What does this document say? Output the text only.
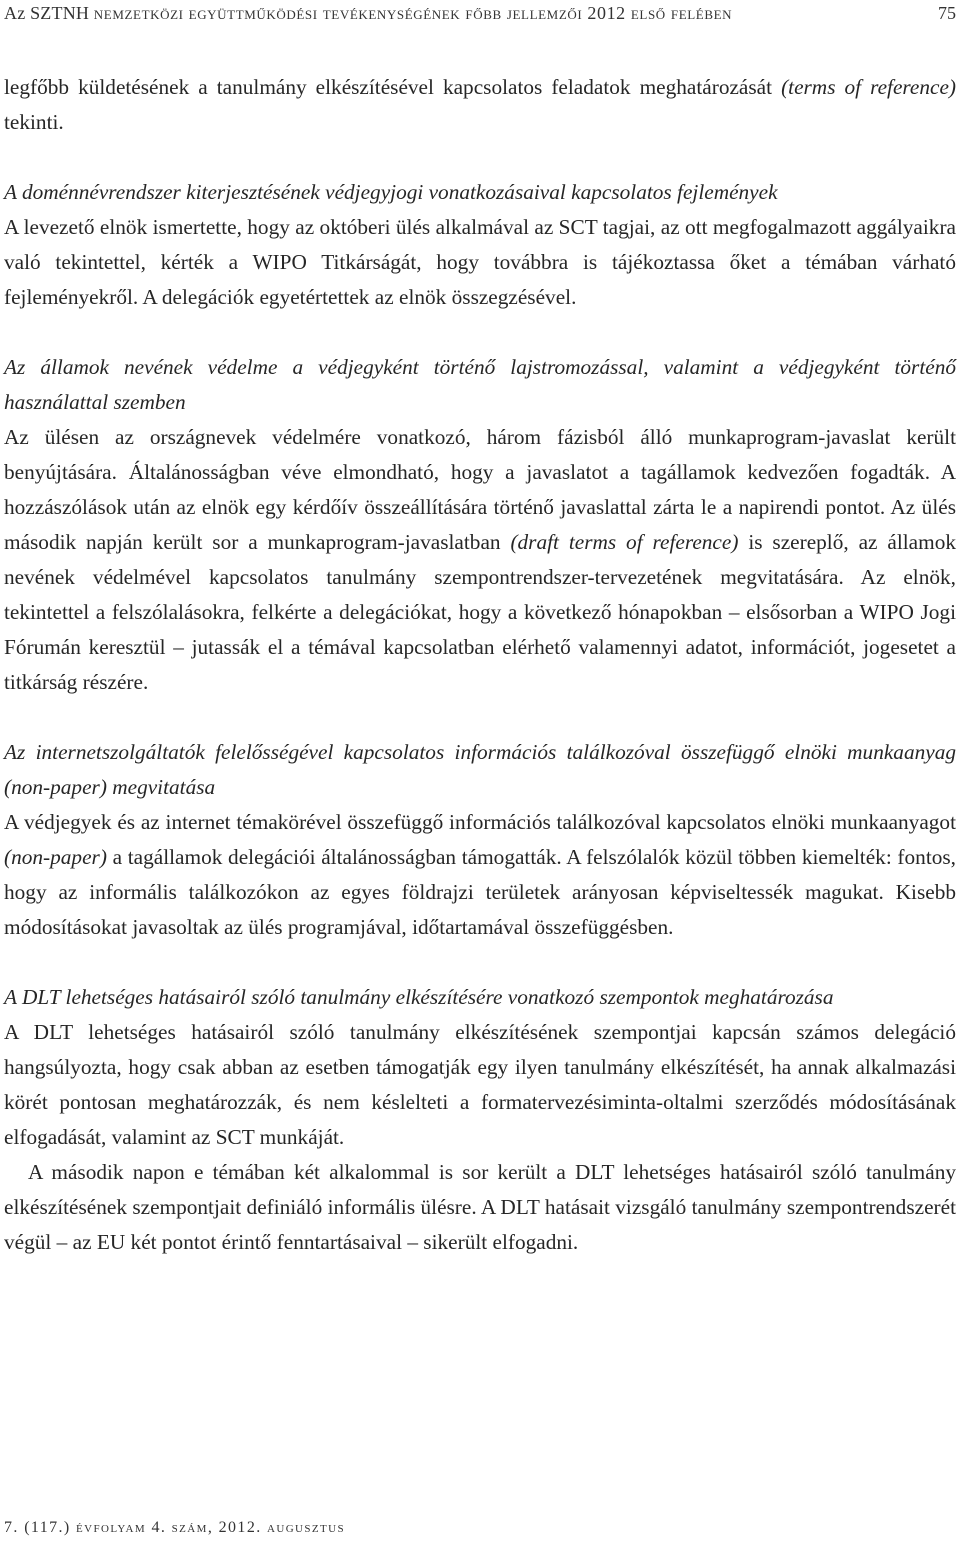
Az SZTNH nemzetközi együttműködési tevékenységének főbb jellemzői 2012 első felében	75

legfőbb küldetésének a tanulmány elkészítésével kapcsolatos feladatok meghatározását (terms of reference) tekinti.

A doménnévrendszer kiterjesztésének védjegyjogi vonatkozásaival kapcsolatos fejlemények

A levezető elnök ismertette, hogy az októberi ülés alkalmával az SCT tagjai, az ott megfogalmazott aggályaikra való tekintettel, kérték a WIPO Titkárságát, hogy továbbra is tájékoztassa őket a témában várható fejleményekről. A delegációk egyetértettek az elnök összegzésével.

Az államok nevének védelme a védjegyként történő lajstromozással, valamint a védjegyként történő használattal szemben

Az ülésen az országnevek védelmére vonatkozó, három fázisból álló munkaprogram-javaslat került benyújtására. Általánosságban véve elmondható, hogy a javaslatot a tagállamok kedvezően fogadták. A hozzászólások után az elnök egy kérdőív összeállítására történő javaslattal zárta le a napirendi pontot. Az ülés második napján került sor a munkaprogram-javaslatban (draft terms of reference) is szereplő, az államok nevének védelmével kapcsolatos tanulmány szempontrendszer-tervezetének megvitatására. Az elnök, tekintettel a felszólalásokra, felkérte a delegációkat, hogy a következő hónapokban – elsősorban a WIPO Jogi Fórumán keresztül – jutassák el a témával kapcsolatban elérhető valamennyi adatot, információt, jogesetet a titkárság részére.

Az internetszolgáltatók felelősségével kapcsolatos információs találkozóval összefüggő elnöki munkaanyag (non-paper) megvitatása

A védjegyek és az internet témakörével összefüggő információs találkozóval kapcsolatos elnöki munkaanyagot (non-paper) a tagállamok delegációi általánosságban támogatták. A felszólalók közül többen kiemelték: fontos, hogy az informális találkozókon az egyes földrajzi területek arányosan képviseltessék magukat. Kisebb módosításokat javasoltak az ülés programjával, időtartamával összefüggésben.

A DLT lehetséges hatásairól szóló tanulmány elkészítésére vonatkozó szempontok meghatározása

A DLT lehetséges hatásairól szóló tanulmány elkészítésének szempontjai kapcsán számos delegáció hangsúlyozta, hogy csak abban az esetben támogatják egy ilyen tanulmány elkészítését, ha annak alkalmazási körét pontosan meghatározzák, és nem késlelteti a formatervezésiminta-oltalmi szerződés módosításának elfogadását, valamint az SCT munkáját.

A második napon e témában két alkalommal is sor került a DLT lehetséges hatásairól szóló tanulmány elkészítésének szempontjait definiáló informális ülésre. A DLT hatásait vizsgáló tanulmány szempontrendszerét végül – az EU két pontot érintő fenntartásaival – sikerült elfogadni.

7. (117.) évfolyam 4. szám, 2012. augusztus
